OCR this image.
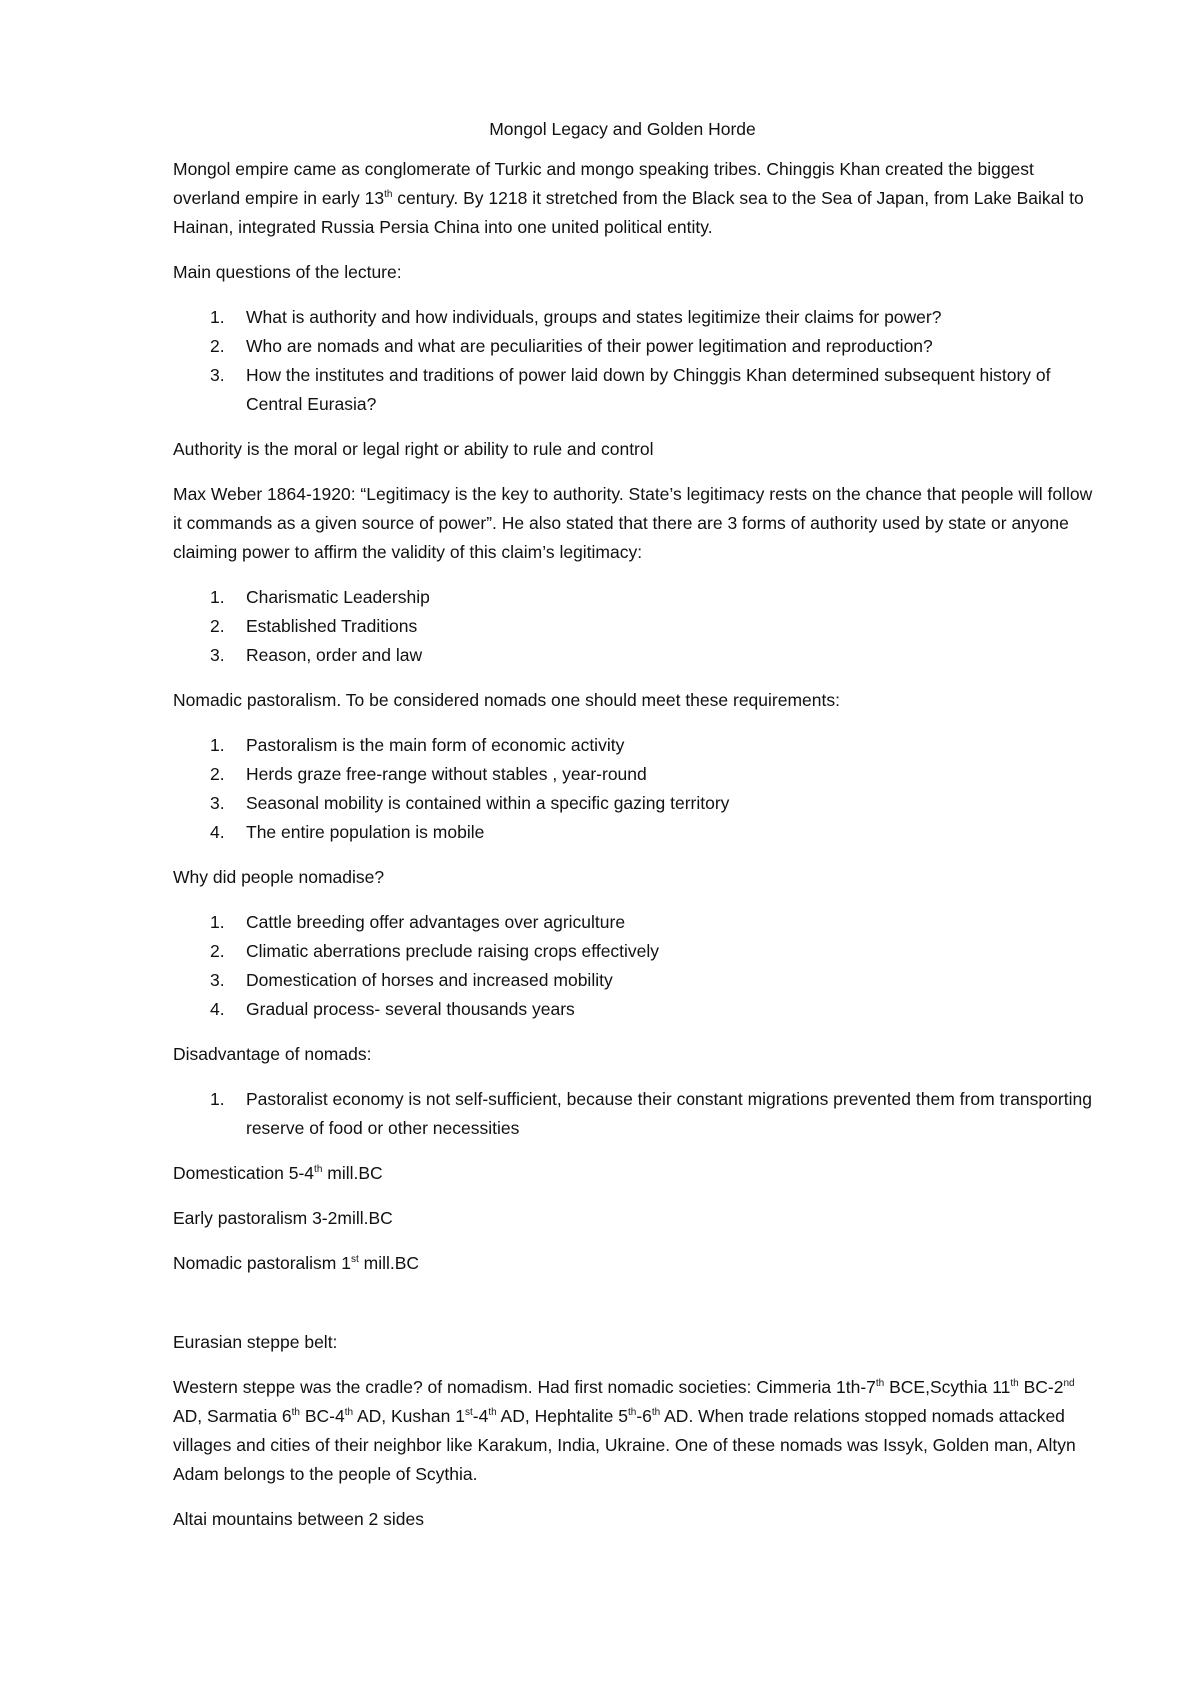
Mongol Legacy and Golden Horde

Mongol empire came as conglomerate of Turkic and mongo speaking tribes. Chinggis Khan created the biggest overland empire in early 13th century. By 1218 it stretched from the Black sea to the Sea of Japan, from Lake Baikal to Hainan, integrated Russia Persia China into one united political entity.

Main questions of the lecture:

1. What is authority and how individuals, groups and states legitimize their claims for power?
2. Who are nomads and what are peculiarities of their power legitimation and reproduction?
3. How the institutes and traditions of power laid down by Chinggis Khan determined subsequent history of Central Eurasia?

Authority is the moral or legal right or ability to rule and control

Max Weber 1864-1920: “Legitimacy is the key to authority. State’s legitimacy rests on the chance that people will follow it commands as a given source of power”. He also stated that there are 3 forms of authority used by state or anyone claiming power to affirm the validity of this claim’s legitimacy:

1. Charismatic Leadership
2. Established Traditions
3. Reason, order and law

Nomadic pastoralism. To be considered nomads one should meet these requirements:

1. Pastoralism is the main form of economic activity
2. Herds graze free-range without stables , year-round
3. Seasonal mobility is contained within a specific gazing territory
4. The entire population is mobile

Why did people nomadise?

1. Cattle breeding offer advantages over agriculture
2. Climatic aberrations preclude raising crops effectively
3. Domestication of horses and increased mobility
4. Gradual process- several thousands years

Disadvantage of nomads:

1. Pastoralist economy is not self-sufficient, because their constant migrations prevented them from transporting reserve of food or other necessities

Domestication 5-4th mill.BC

Early pastoralism 3-2mill.BC

Nomadic pastoralism 1st mill.BC

Eurasian steppe belt:

Western steppe was the cradle? of nomadism. Had first nomadic societies: Cimmeria 1th-7th BCE,Scythia 11th BC-2nd AD, Sarmatia 6th BC-4th AD, Kushan 1st-4th AD, Hephtalite 5th-6th AD. When trade relations stopped nomads attacked villages and cities of their neighbor like Karakum, India, Ukraine. One of these nomads was Issyk, Golden man, Altyn Adam belongs to the people of Scythia.

Altai mountains between 2 sides
